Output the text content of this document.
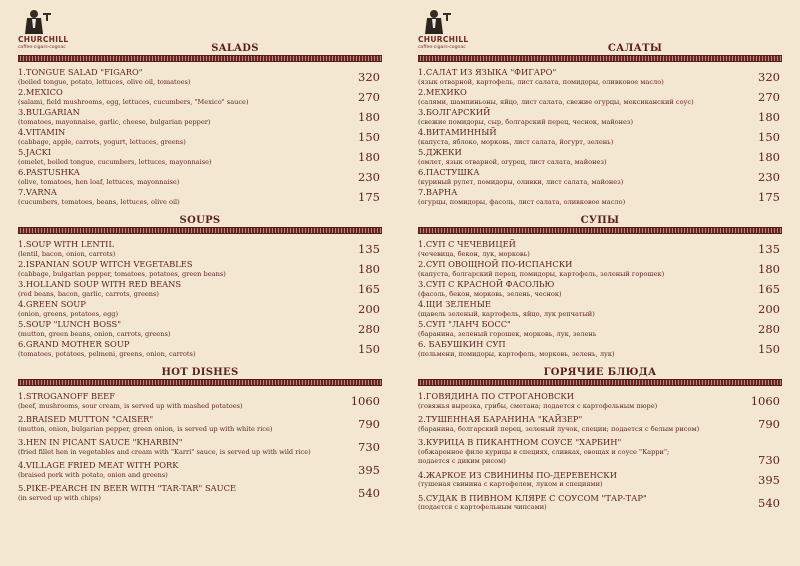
CHURCHILL
coffee-cigars-cognac	SALADS
1.TONGUE SALAD "FIGARO"
(boiled tongue, potato, lettuces, olive oil, tomatoes)	320
2.MEXICO
(salami, field mushrooms, egg, lettuces, cucumbers, "Mexico" sauce)	270
3.BULGARIAN
(tomatoes, mayonnaise, garlic, cheese, bulgarian pepper)	180
4.VITAMIN
(cabbage, apple, carrots, yogurt, lettuces, greens)	150
5.JACKI
(omelet, boiled tongue, cucumbers, lettuces, mayonnaise)	180
6.PASTUSHKA
(olive, tomatoes, hen loaf, lettuces, mayonnaise)	230
7.VARNA
(cucumbers, tomatoes, beans, lettuces, olive oil)	175
SOUPS
1.SOUP WITH LENTIL
(lentil, bacon, onion, carrots)	135
2.ISPANIAN SOUP WITCH VEGETABLES
(cabbage, bulgarian pepper, tomatoes, potatoes, green beans)	180
3.HOLLAND SOUP WITH RED BEANS
(red beans, bacon, garlic, carrots, greens)	165
4.GREEN SOUP
(onion, greens, potatoes, egg)	200
5.SOUP "LUNCH BOSS"
(mutton, green beans, onion, carrots, greens)	280
6.GRAND MOTHER SOUP
(tomatoes, potatoes, pelmeni, greens, onion, carrots)	150
HOT DISHES
1.STROGANOFF BEEF
(beef, mushrooms, sour cream, is served up with mashed potatoes)	1060
2.BRAISED MUTTON "CAISER"
(mutton, onion, bulgarian pepper, green onion, is served up with white rice)	790
3.HEN IN PICANT SAUCE "KHARBIN"
(fried fillet hen in vegetables and cream with "Karri" sauce, is served up with wild rice)	730
4.VILLAGE FRIED MEAT WITH PORK
(braised pork with potato, onion and greens)	395
5.PIKE-PEARCH IN BEER WITH "TAR-TAR" SAUCE
(in served up with chips)	540
CHURCHILL
coffee-cigars-cognac	САЛАТЫ
1.САЛАТ ИЗ ЯЗЫКА "ФИГАРО"
(язык отварной, картофель, лист салата, помидоры, оливковое масло)	320
2.МЕХИКО
(салями, шампиньоны, яйцо, лист салата, свежие огурцы, мексиканский соус)	270
3.БОЛГАРСКИЙ
(свежие помидоры, сыр, болгарский перец, чеснок, майонез)	180
4.ВИТАМИННЫЙ
(капуста, яблоко, морковь, лист салата, йогурт, зелень)	150
5.ДЖЕКИ
(омлет, язык отварной, огурец, лист салата, майонез)	180
6.ПАСТУШКА
(куриный рулет, помидоры, оливки, лист салата, майонез)	230
7.ВАРНА
(огурцы, помидоры, фасоль, лист салата, оливковое масло)	175
СУПЫ
1.СУП С ЧЕЧЕВИЦЕЙ
(чечевица, бекон, лук, морковь)	135
2.СУП ОВОЩНОЙ ПО-ИСПАНСКИ
(капуста, болгарский перец, помидоры, картофель, зеленый горошек)	180
3.СУП С КРАСНОЙ ФАСОЛЬЮ
(фасоль, бекон, морковь, зелень, чеснок)	165
4.ЩИ ЗЕЛЕНЫЕ
(щавель зеленый, картофель, яйцо, лук репчатый)	200
5.СУП "ЛАНЧ БОСС"
(баранина, зеленый горошек, морковь, лук, зелень	280
6. БАБУШКИН СУП
(пельмени, помидоры, картофель, морковь, зелень, лук)	150
ГОРЯЧИЕ БЛЮДА
1.ГОВЯДИНА ПО СТРОГАНОВСКИ
(говяжья вырезка, грибы, сметана; подается с картофельным пюре)	1060
2.ТУШЕННАЯ БАРАНИНА "КАЙЗЕР"
(баранина, болгарский перец, зеленый лучок, специи; подается с белым рисом)	790
3.КУРИЦА В ПИКАНТНОМ СОУСЕ "ХАРБИН"
(обжаренное филе курицы в специях, сливках, овощах и соусе "Карри";
подается с диким рисом)	730
4.ЖАРКОЕ ИЗ СВИНИНЫ ПО-ДЕРЕВЕНСКИ
(тушеная свинина с картофелем, луком и специями)	395
5.СУДАК В ПИВНОМ КЛЯРЕ С СОУСОМ "ТАР-ТАР"
(подается с картофельным чипсами)	540
